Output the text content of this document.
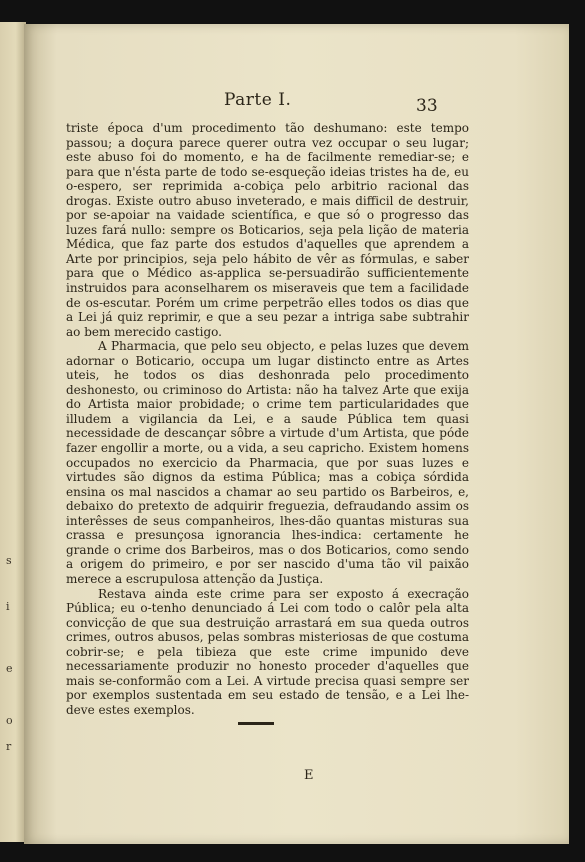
s
i
e
o
r
Parte I.	33

triste época d'um procedimento tão deshumano: este tempo passou; a doçura parece querer outra vez occupar o seu lugar; este abuso foi do momento, e ha de facilmente remediar-se; e para que n'ésta parte de todo se-esqueção ideias tristes ha de, eu o-espero, ser reprimida a-cobiça pelo arbitrio racional das drogas. Existe outro abuso inveterado, e mais difficil de destruir, por se-apoiar na vaidade scientífica, e que só o progresso das luzes fará nullo: sempre os Boticarios, seja pela lição de materia Médica, que faz parte dos estudos d'aquelles que aprendem a Arte por principios, seja pelo hábito de vêr as fórmulas, e saber para que o Médico as-applica se-persuadirão sufficientemente instruidos para aconselharem os miseraveis que tem a facilidade de os-escutar. Porém um crime perpetrão elles todos os dias que a Lei já quiz reprimir, e que a seu pezar a intriga sabe subtrahir ao bem merecido castigo.

A Pharmacia, que pelo seu objecto, e pelas luzes que devem adornar o Boticario, occupa um lugar distincto entre as Artes uteis, he todos os dias deshonrada pelo procedimento deshonesto, ou criminoso do Artista: não ha talvez Arte que exija do Artista maior probidade; o crime tem particularidades que illudem a vigilancia da Lei, e a saude Pública tem quasi necessidade de descançar sôbre a virtude d'um Artista, que póde fazer engollir a morte, ou a vida, a seu capricho. Existem homens occupados no exercicio da Pharmacia, que por suas luzes e virtudes são dignos da estima Pública; mas a cobiça sórdida ensina os mal nascidos a chamar ao seu partido os Barbeiros, e, debaixo do pretexto de adquirir freguezia, defraudando assim os interêsses de seus companheiros, lhes-dão quantas misturas sua crassa e presunçosa ignorancia lhes-indica: certamente he grande o crime dos Barbeiros, mas o dos Boticarios, como sendo a origem do primeiro, e por ser nascido d'uma tão vil paixão merece a escrupulosa attenção da Justiça.

Restava ainda este crime para ser exposto á execração Pública; eu o-tenho denunciado á Lei com todo o calôr pela alta convicção de que sua destruição arrastará em sua queda outros crimes, outros abusos, pelas sombras misteriosas de que costuma cobrir-se; e pela tibieza que este crime impunido deve necessariamente produzir no honesto proceder d'aquelles que mais se-conformão com a Lei. A virtude precisa quasi sempre ser por exemplos sustentada em seu estado de tensão, e a Lei lhe-deve estes exemplos.

E
